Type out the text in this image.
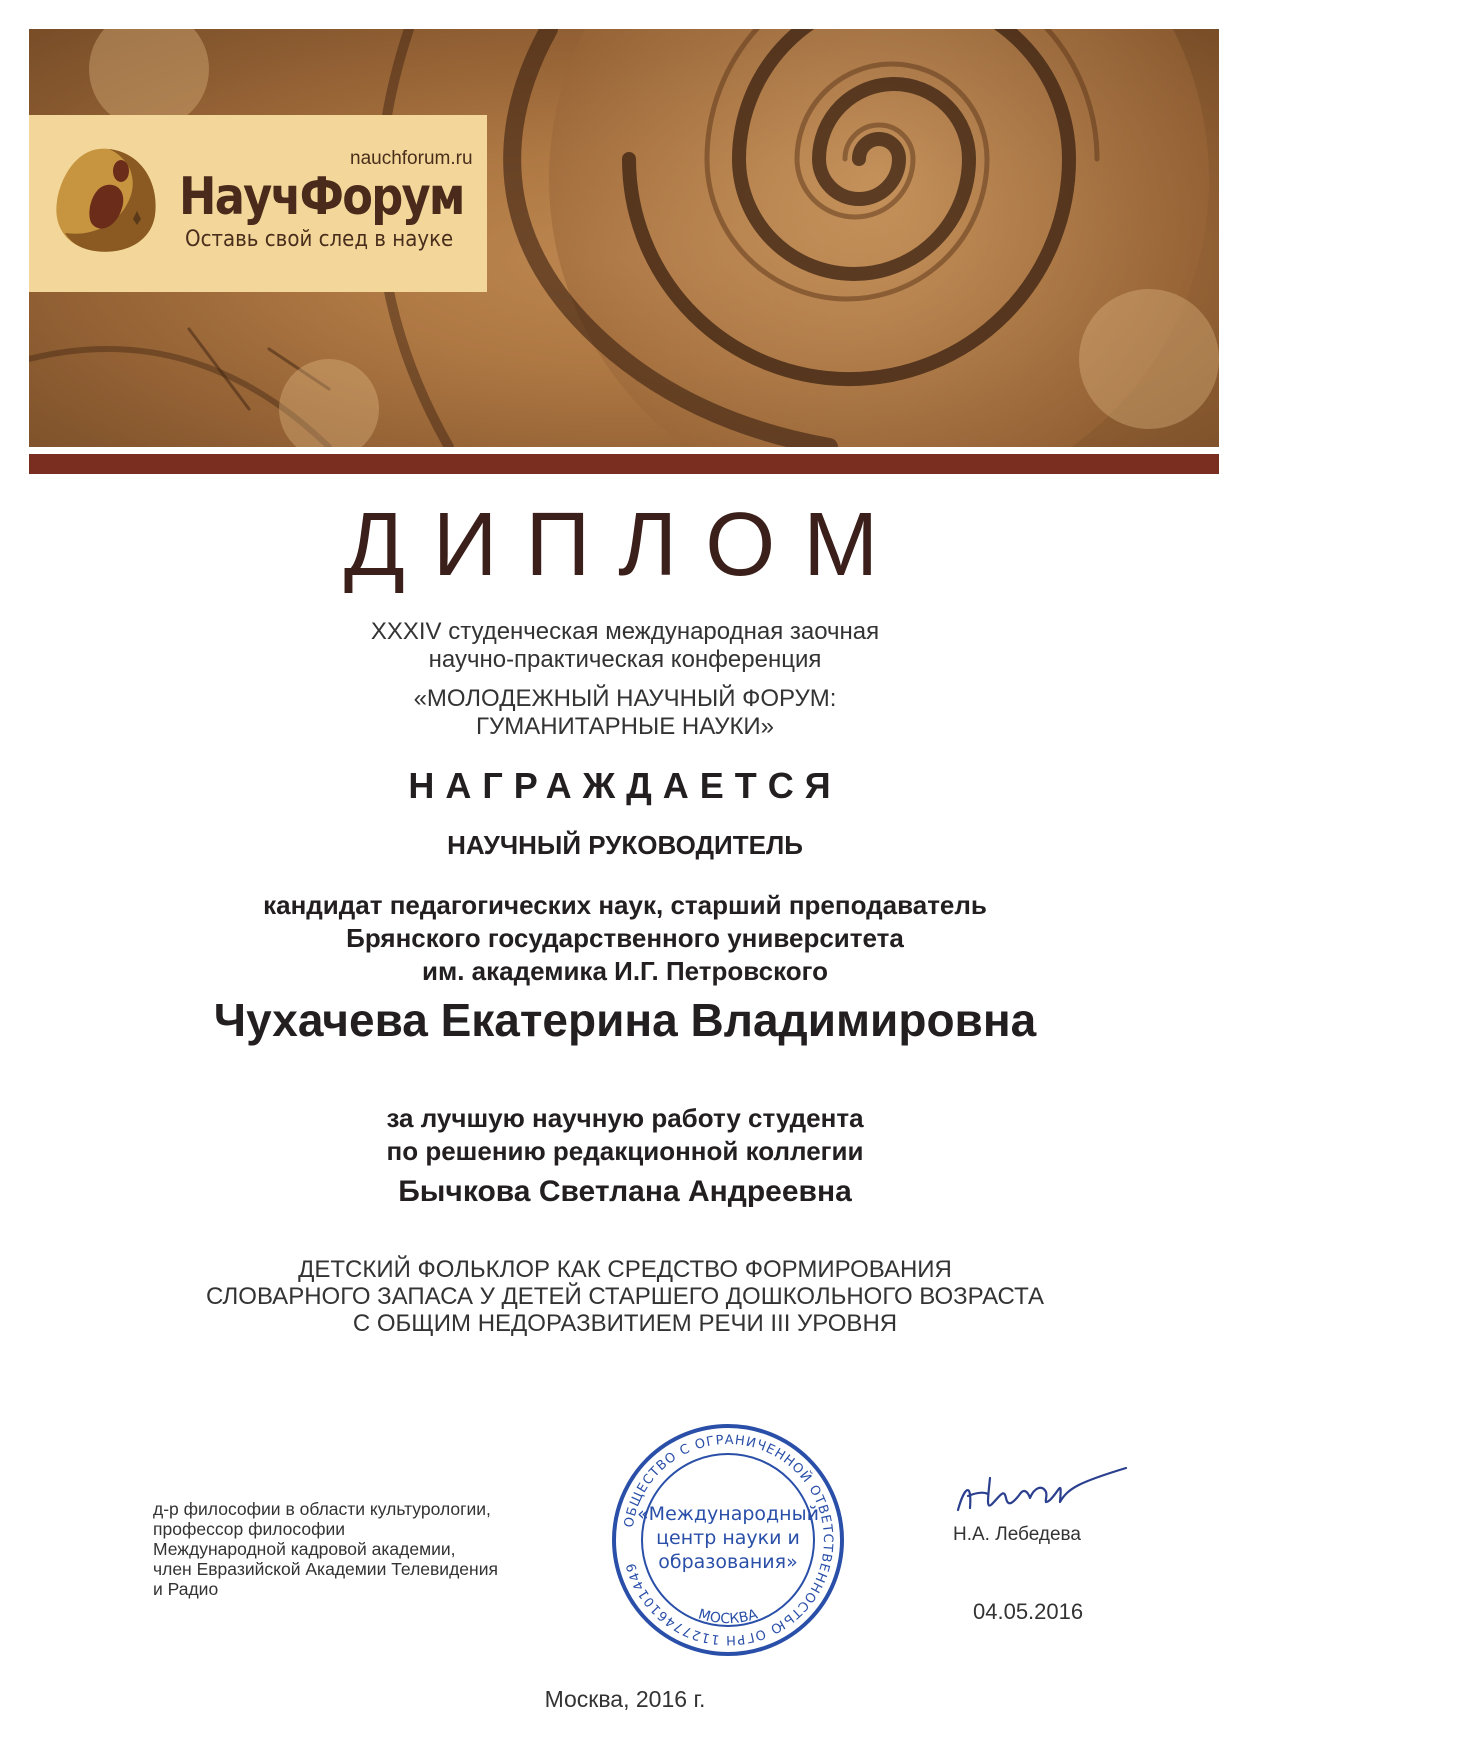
nauchforum.ru
НаучФорум
Оставь свой след в науке
ДИПЛОМ
XXXIV студенческая международная заочная
научно-практическая конференция
«МОЛОДЕЖНЫЙ НАУЧНЫЙ ФОРУМ:
ГУМАНИТАРНЫЕ НАУКИ»
НАГРАЖДАЕТСЯ
НАУЧНЫЙ РУКОВОДИТЕЛЬ
кандидат педагогических наук, старший преподаватель
Брянского государственного университета
им. академика И.Г. Петровского
Чухачева Екатерина Владимировна
за лучшую научную работу студента
по решению редакционной коллегии
Бычкова Светлана Андреевна
ДЕТСКИЙ ФОЛЬКЛОР КАК СРЕДСТВО ФОРМИРОВАНИЯ
СЛОВАРНОГО ЗАПАСА У ДЕТЕЙ СТАРШЕГО ДОШКОЛЬНОГО ВОЗРАСТА
С ОБЩИМ НЕДОРАЗВИТИЕМ РЕЧИ III УРОВНЯ
д-р философии в области культурологии,
профессор философии
Международной кадровой академии,
член Евразийской Академии Телевидения
и Радио
ОБЩЕСТВО С ОГРАНИЧЕННОЙ ОТВЕТСТВЕННОСТЬЮ ОГРН 1127746101449
МОСКВА
«Международный
центр науки и
образования»
Н.А. Лебедева
04.05.2016
Москва, 2016 г.
